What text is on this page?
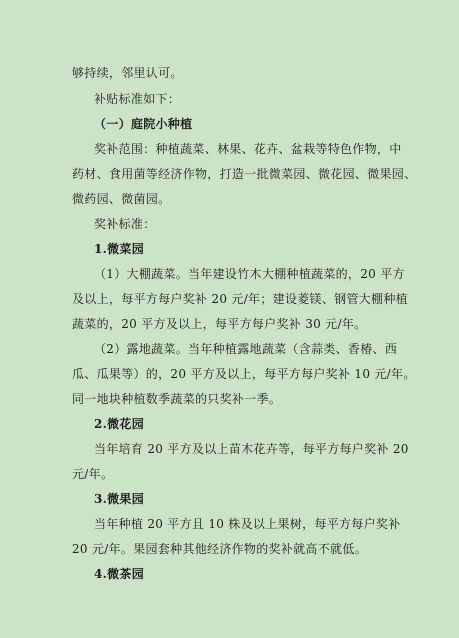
够持续，邻里认可。
补贴标准如下：
（一）庭院小种植
奖补范围：种植蔬菜、林果、花卉、盆栽等特色作物，中
药材、食用菌等经济作物，打造一批微菜园、微花园、微果园、
微药园、微菌园。
奖补标准：
1.微菜园
（1）大棚蔬菜。当年建设竹木大棚种植蔬菜的，20 平方
及以上，每平方每户奖补 20 元/年；建设菱镁、钢管大棚种植
蔬菜的，20 平方及以上，每平方每户奖补 30 元/年。
（2）露地蔬菜。当年种植露地蔬菜（含蒜类、香椿、西
瓜、瓜果等）的，20 平方及以上，每平方每户奖补 10 元/年。
同一地块种植数季蔬菜的只奖补一季。
2.微花园
当年培育 20 平方及以上苗木花卉等，每平方每户奖补 20
元/年。
3.微果园
当年种植 20 平方且 10 株及以上果树，每平方每户奖补
20 元/年。果园套种其他经济作物的奖补就高不就低。
4.微茶园
